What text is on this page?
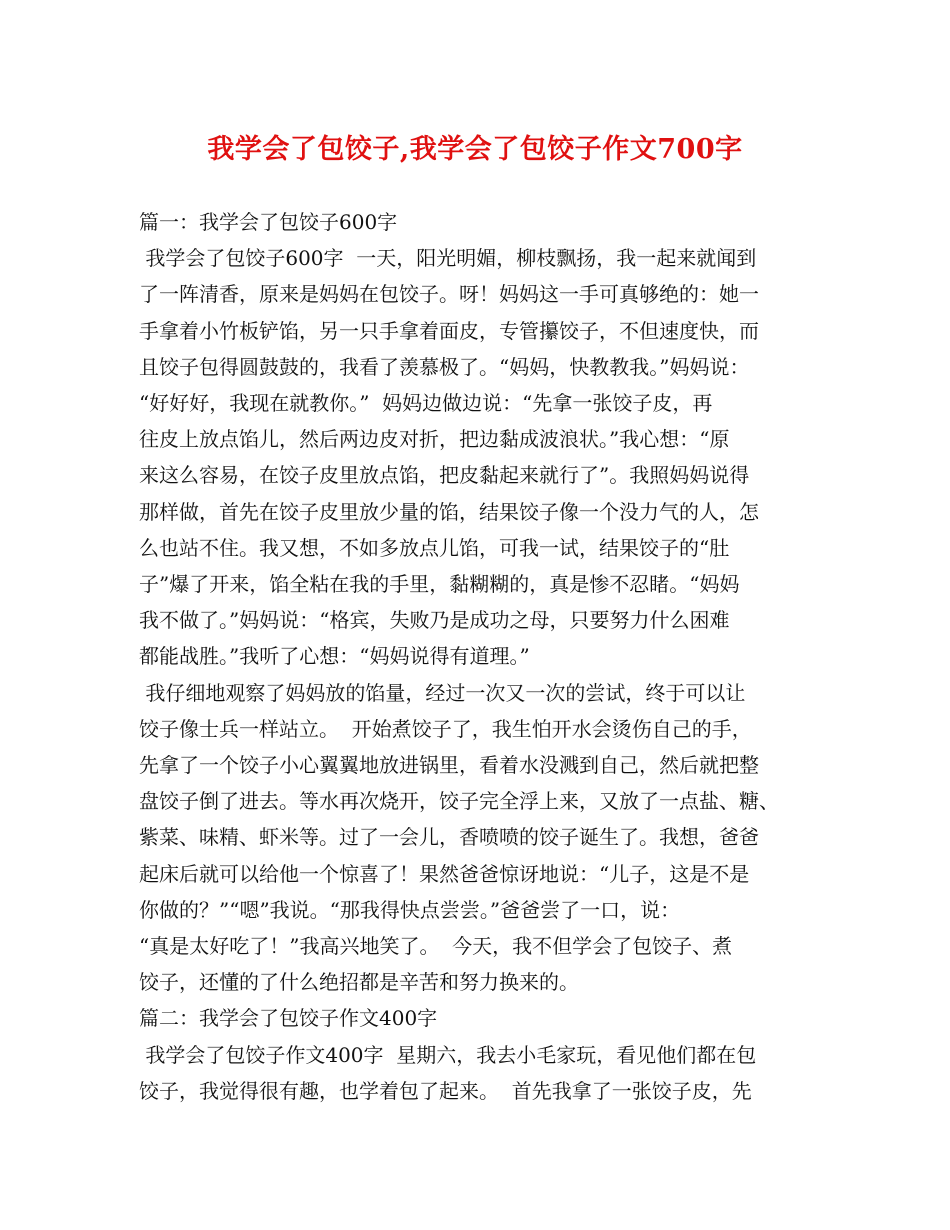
我学会了包饺子,我学会了包饺子作文700字
篇一：我学会了包饺子600字
我学会了包饺子600字  一天，阳光明媚，柳枝飘扬，我一起来就闻到
了一阵清香，原来是妈妈在包饺子。呀！妈妈这一手可真够绝的：她一
手拿着小竹板铲馅，另一只手拿着面皮，专管攥饺子，不但速度快，而
且饺子包得圆鼓鼓的，我看了羡慕极了。“妈妈，快教教我。”妈妈说：
“好好好，我现在就教你。”  妈妈边做边说：“先拿一张饺子皮，再
往皮上放点馅儿，然后两边皮对折，把边黏成波浪状。”我心想：“原
来这么容易，在饺子皮里放点馅，把皮黏起来就行了”。我照妈妈说得
那样做，首先在饺子皮里放少量的馅，结果饺子像一个没力气的人，怎
么也站不住。我又想，不如多放点儿馅，可我一试，结果饺子的“肚
子”爆了开来，馅全粘在我的手里，黏糊糊的，真是惨不忍睹。“妈妈
我不做了。”妈妈说：“格宾，失败乃是成功之母，只要努力什么困难
都能战胜。”我听了心想：“妈妈说得有道理。”
我仔细地观察了妈妈放的馅量，经过一次又一次的尝试，终于可以让
饺子像士兵一样站立。  开始煮饺子了，我生怕开水会烫伤自己的手，
先拿了一个饺子小心翼翼地放进锅里，看着水没溅到自己，然后就把整
盘饺子倒了进去。等水再次烧开，饺子完全浮上来，又放了一点盐、糖、
紫菜、味精、虾米等。过了一会儿，香喷喷的饺子诞生了。我想，爸爸
起床后就可以给他一个惊喜了！果然爸爸惊讶地说：“儿子，这是不是
你做的？”“嗯”我说。“那我得快点尝尝。”爸爸尝了一口，说：
“真是太好吃了！”我高兴地笑了。  今天，我不但学会了包饺子、煮
饺子，还懂的了什么绝招都是辛苦和努力换来的。
篇二：我学会了包饺子作文400字
我学会了包饺子作文400字  星期六，我去小毛家玩，看见他们都在包
饺子，我觉得很有趣，也学着包了起来。  首先我拿了一张饺子皮，先
